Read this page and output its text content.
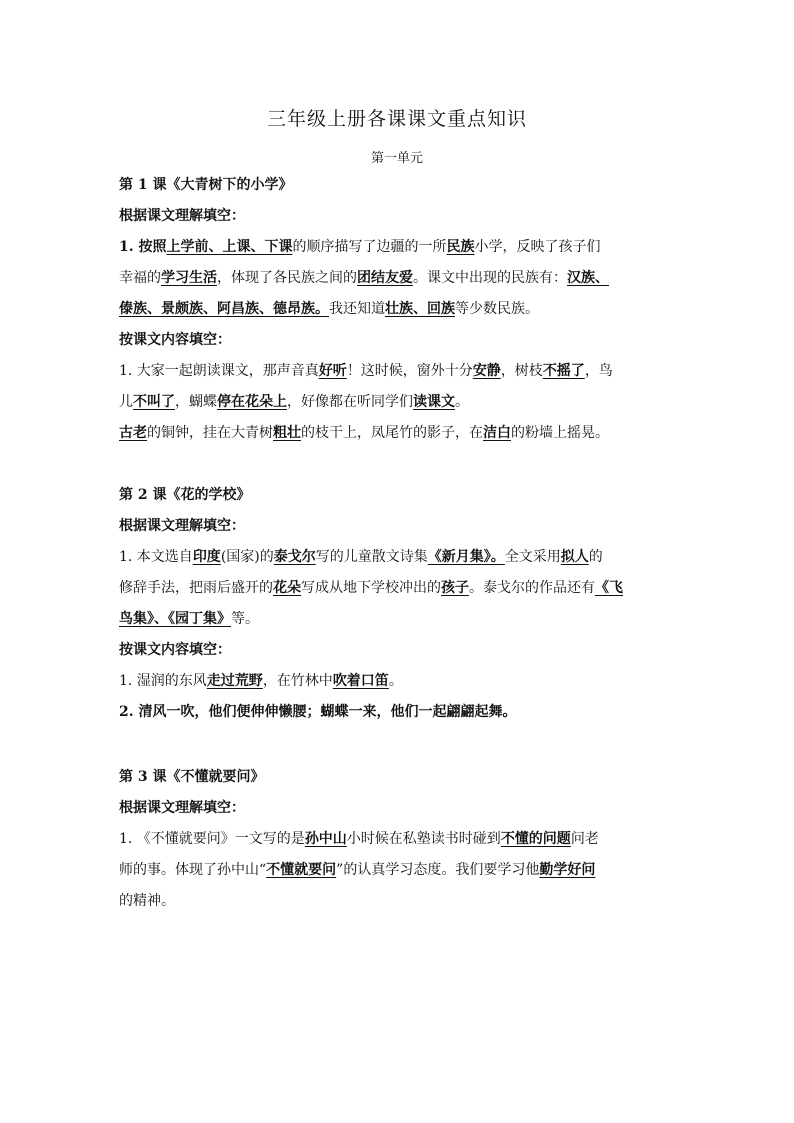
三年级上册各课课文重点知识
第一单元
第 1 课《大青树下的小学》
根据课文理解填空：
1. 按照上学前、上课、下课的顺序描写了边疆的一所民族小学，反映了孩子们
幸福的学习生活，体现了各民族之间的团结友爱。课文中出现的民族有：汉族、
傣族、景颇族、阿昌族、德昂族。我还知道壮族、回族等少数民族。
按课文内容填空：
1. 大家一起朗读课文，那声音真好听！这时候，窗外十分安静，树枝不摇了，鸟
儿不叫了，蝴蝶停在花朵上，好像都在听同学们读课文。
古老的铜钟，挂在大青树粗壮的枝干上，凤尾竹的影子，在洁白的粉墙上摇晃。
第 2 课《花的学校》
根据课文理解填空：
1. 本文选自印度(国家)的泰戈尔写的儿童散文诗集《新月集》。全文采用拟人的
修辞手法，把雨后盛开的花朵写成从地下学校冲出的孩子。泰戈尔的作品还有《飞
鸟集》、《园丁集》等。
按课文内容填空：
1. 湿润的东风走过荒野，在竹林中吹着口笛。
2. 清风一吹，他们便伸伸懒腰；蝴蝶一来，他们一起翩翩起舞。
第 3 课《不懂就要问》
根据课文理解填空：
1. 《不懂就要问》一文写的是孙中山小时候在私塾读书时碰到不懂的问题问老
师的事。体现了孙中山“不懂就要问”的认真学习态度。我们要学习他勤学好问
的精神。
